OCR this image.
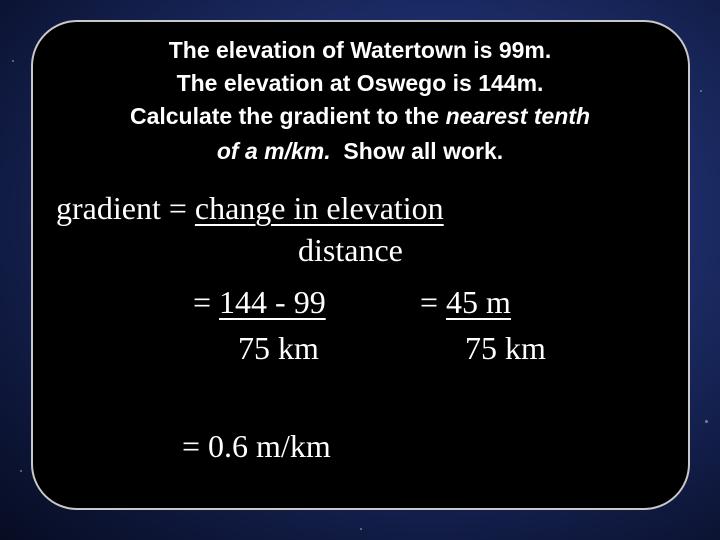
The elevation of Watertown is 99m.
The elevation at Oswego is 144m.
Calculate the gradient to the nearest tenth
of a m/km.  Show all work.
gradient = change in elevation
distance
= 144 - 99
75 km
= 45 m
75 km
= 0.6 m/km
